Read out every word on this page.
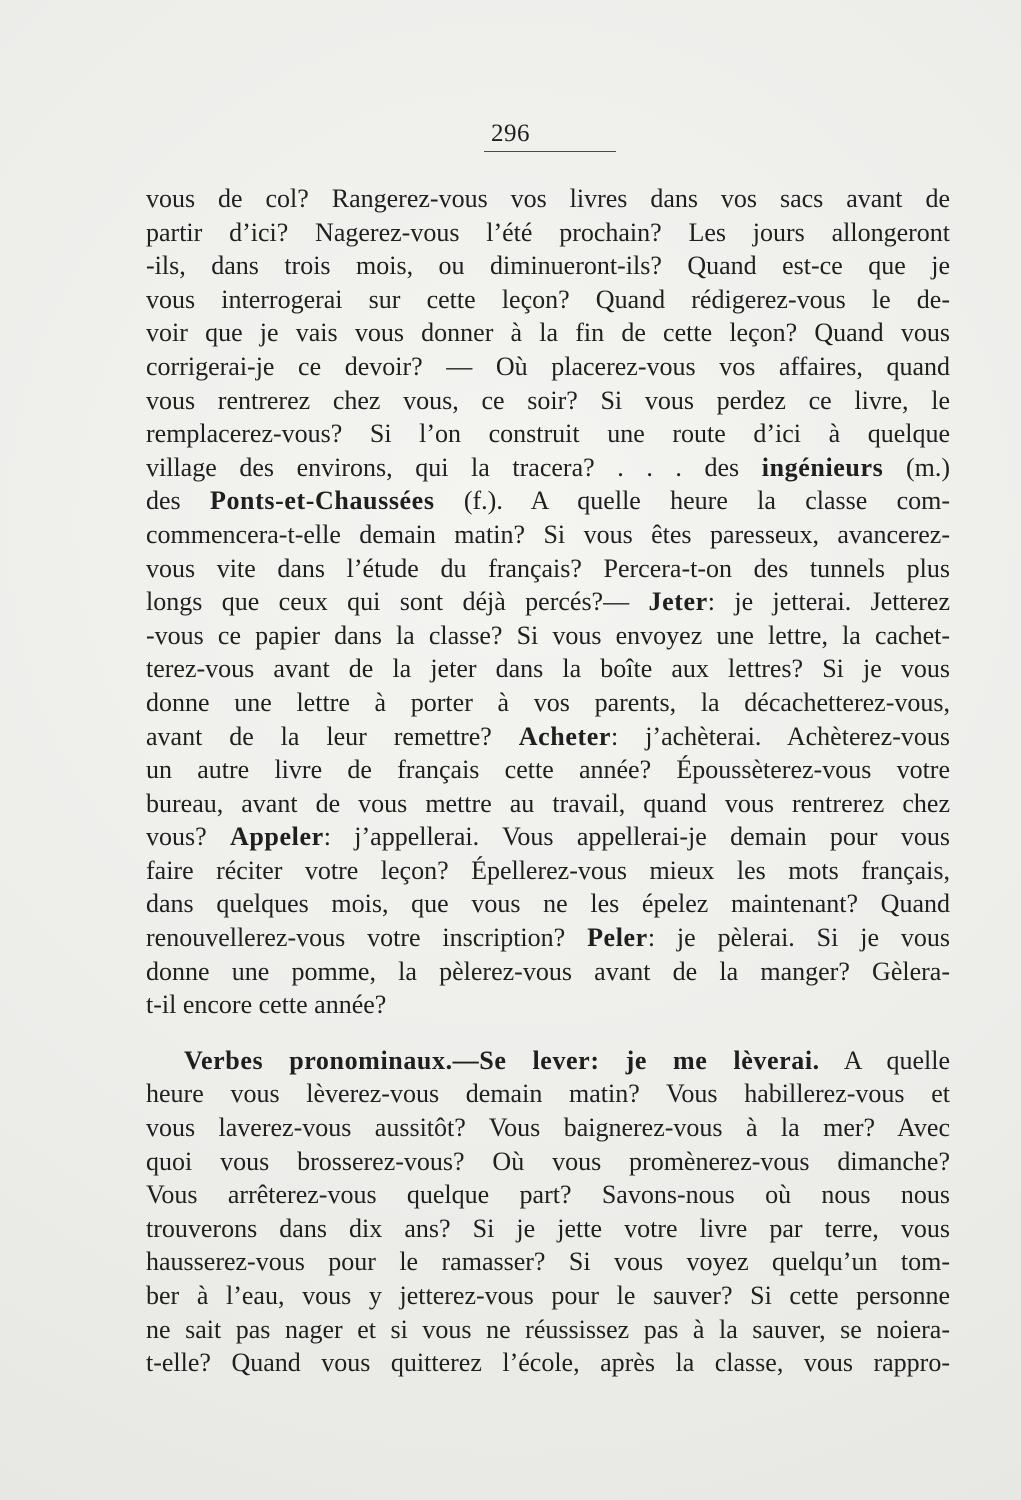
296
vous de col? Rangerez-vous vos livres dans vos sacs avant de
partir d’ici? Nagerez-vous l’été prochain? Les jours allongeront
-ils, dans trois mois, ou diminueront-ils? Quand est-ce que je
vous interrogerai sur cette leçon? Quand rédigerez-vous le de-
voir que je vais vous donner à la fin de cette leçon? Quand vous
corrigerai-je ce devoir? — Où placerez-vous vos affaires, quand
vous rentrerez chez vous, ce soir? Si vous perdez ce livre, le
remplacerez-vous? Si l’on construit une route d’ici à quelque
village des environs, qui la tracera? . . . des ingénieurs (m.)
des Ponts-et-Chaussées (f.). A quelle heure la classe com-
commencera-t-elle demain matin? Si vous êtes paresseux, avancerez-
vous vite dans l’étude du français? Percera-t-on des tunnels plus
longs que ceux qui sont déjà percés?— Jeter: je jetterai. Jetterez
-vous ce papier dans la classe? Si vous envoyez une lettre, la cachet-
terez-vous avant de la jeter dans la boîte aux lettres? Si je vous
donne une lettre à porter à vos parents, la décachetterez-vous,
avant de la leur remettre? Acheter: j’achèterai. Achèterez-vous
un autre livre de français cette année? Époussèterez-vous votre
bureau, avant de vous mettre au travail, quand vous rentrerez chez
vous? Appeler: j’appellerai. Vous appellerai-je demain pour vous
faire réciter votre leçon? Épellerez-vous mieux les mots français,
dans quelques mois, que vous ne les épelez maintenant? Quand
renouvellerez-vous votre inscription? Peler: je pèlerai. Si je vous
donne une pomme, la pèlerez-vous avant de la manger? Gèlera-
t-il encore cette année?
Verbes pronominaux.—Se lever: je me lèverai. A quelle
heure vous lèverez-vous demain matin? Vous habillerez-vous et
vous laverez-vous aussitôt? Vous baignerez-vous à la mer? Avec
quoi vous brosserez-vous? Où vous promènerez-vous dimanche?
Vous arrêterez-vous quelque part? Savons-nous où nous nous
trouverons dans dix ans? Si je jette votre livre par terre, vous
hausserez-vous pour le ramasser? Si vous voyez quelqu’un tom-
ber à l’eau, vous y jetterez-vous pour le sauver? Si cette personne
ne sait pas nager et si vous ne réussissez pas à la sauver, se noiera-
t-elle? Quand vous quitterez l’école, après la classe, vous rappro-
